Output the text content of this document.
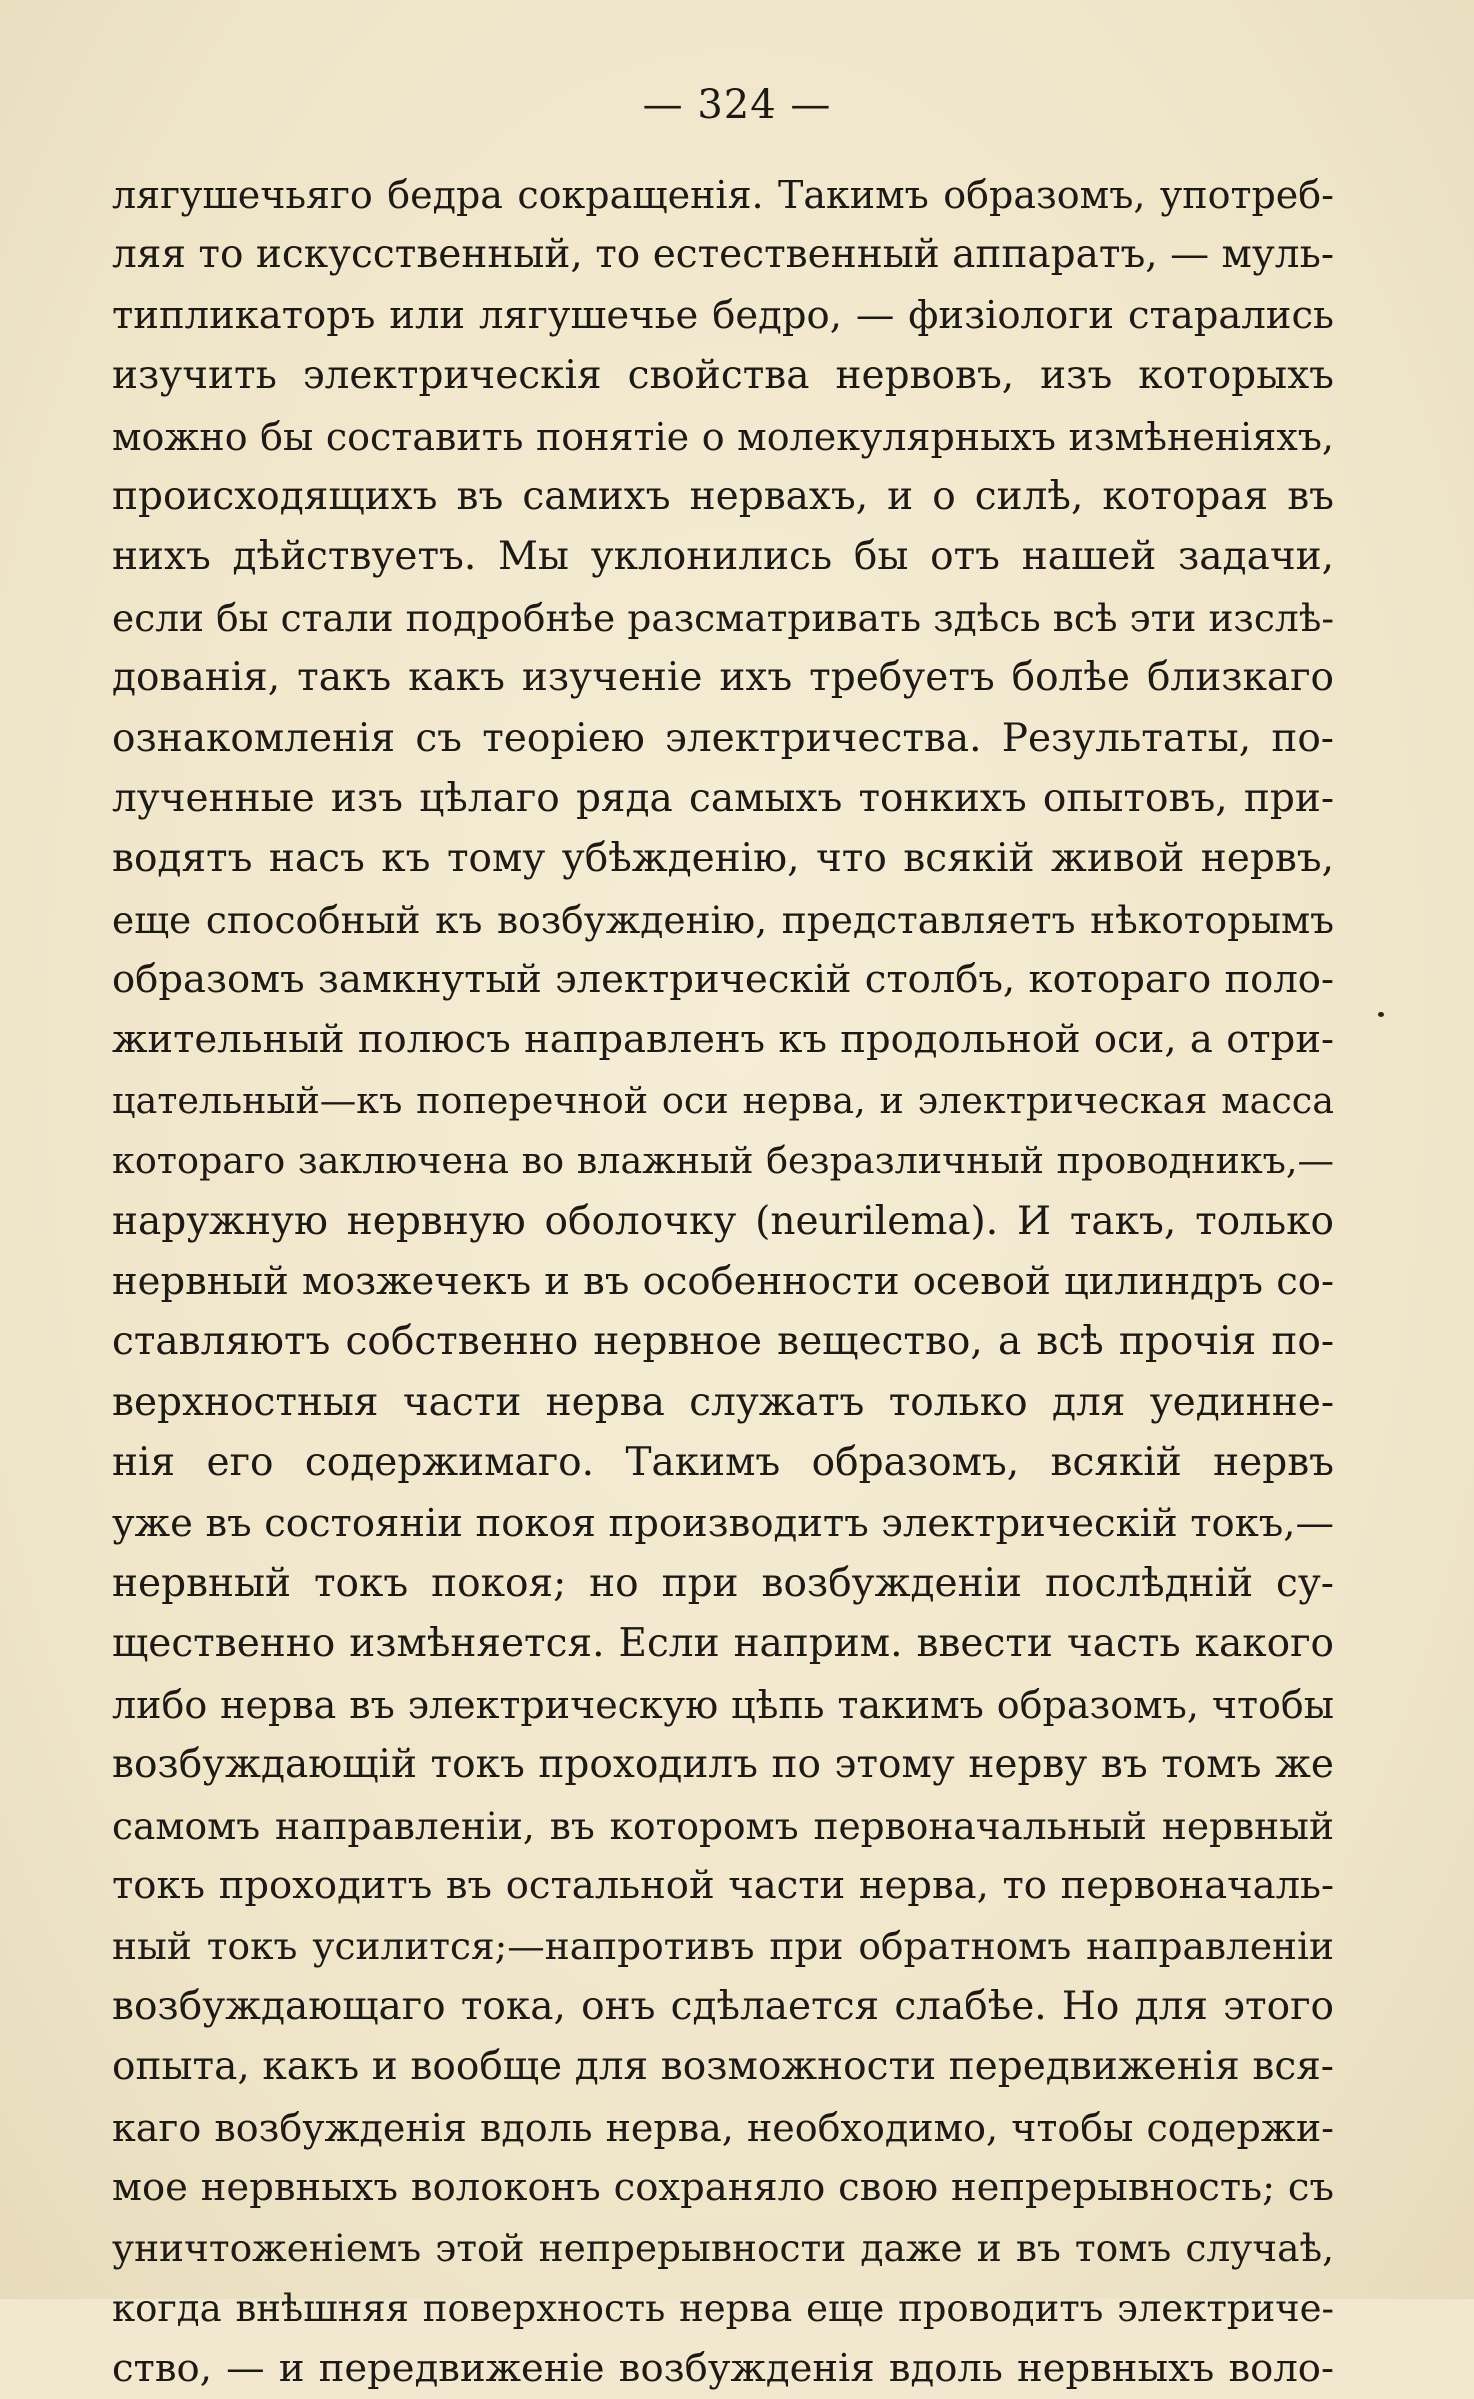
— 324 —
лягушечьяго бедра сокращенія. Такимъ образомъ, употреб-
ляя то искусственный, то естественный аппаратъ, — муль-
типликаторъ или лягушечье бедро, — физіологи старались
изучить электрическія свойства нервовъ, изъ которыхъ
можно бы составить понятіе о молекулярныхъ измѣненіяхъ,
происходящихъ въ самихъ нервахъ, и о силѣ, которая въ
нихъ дѣйствуетъ. Мы уклонились бы отъ нашей задачи,
если бы стали подробнѣе разсматривать здѣсь всѣ эти изслѣ-
дованія, такъ какъ изученіе ихъ требуетъ болѣе близкаго
ознакомленія съ теоріею электричества. Результаты, по-
лученные изъ цѣлаго ряда самыхъ тонкихъ опытовъ, при-
водятъ насъ къ тому убѣжденію, что всякій живой нервъ,
еще способный къ возбужденію, представляетъ нѣкоторымъ
образомъ замкнутый электрическій столбъ, котораго поло-
жительный полюсъ направленъ къ продольной оси, а отри-
цательный—къ поперечной оси нерва, и электрическая масса
котораго заключена во влажный безразличный проводникъ,—
наружную нервную оболочку (neurilema). И такъ, только
нервный мозжечекъ и въ особенности осевой цилиндръ со-
ставляютъ собственно нервное вещество, а всѣ прочія по-
верхностныя части нерва служатъ только для уединне-
нія его содержимаго. Такимъ образомъ, всякій нервъ
уже въ состояніи покоя производитъ электрическій токъ,—
нервный токъ покоя; но при возбужденіи послѣдній су-
щественно измѣняется. Если наприм. ввести часть какого
либо нерва въ электрическую цѣпь такимъ образомъ, чтобы
возбуждающій токъ проходилъ по этому нерву въ томъ же
самомъ направленіи, въ которомъ первоначальный нервный
токъ проходитъ въ остальной части нерва, то первоначаль-
ный токъ усилится;—напротивъ при обратномъ направленіи
возбуждающаго тока, онъ сдѣлается слабѣе. Но для этого
опыта, какъ и вообще для возможности передвиженія вся-
каго возбужденія вдоль нерва, необходимо, чтобы содержи-
мое нервныхъ волоконъ сохраняло свою непрерывность; съ
уничтоженіемъ этой непрерывности даже и въ томъ случаѣ,
когда внѣшняя поверхность нерва еще проводитъ электриче-
ство, — и передвиженіе возбужденія вдоль нервныхъ воло-
